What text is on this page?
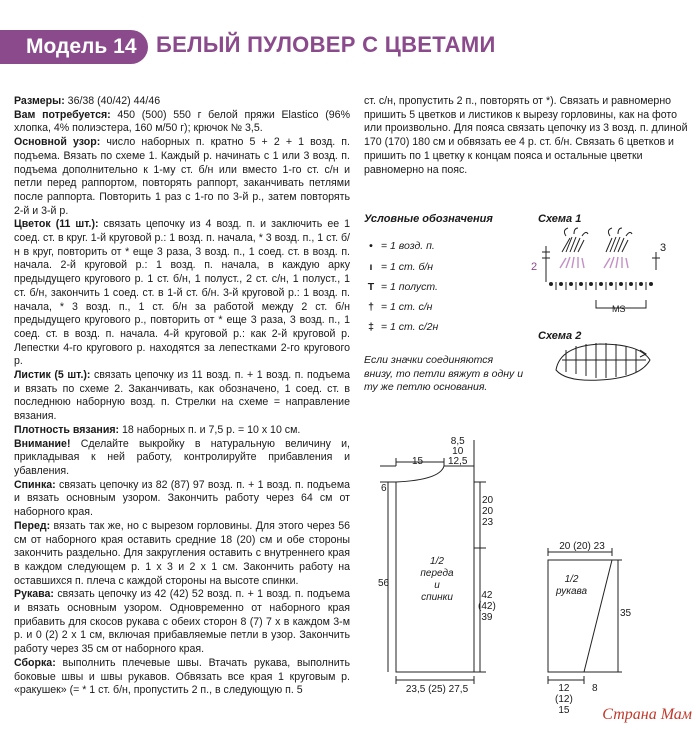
Модель 14 БЕЛЫЙ ПУЛОВЕР С ЦВЕТАМИ

Размеры: 36/38 (40/42) 44/46

Вам потребуется: 450 (500) 550 г белой пряжи Elastico (96% хлопка, 4% полиэстера, 160 м/50 г); крючок № 3,5.

Основной узор: число наборных п. кратно 5 + 2 + 1 возд. п. подъема. Вязать по схеме 1. Каждый р. начинать с 1 или 3 возд. п. подъема дополнительно к 1-му ст. б/н или вместо 1-го ст. с/н и петли перед раппортом, повторять раппорт, заканчивать петлями после раппорта. Повторить 1 раз с 1-го по 3-й р., затем повторять 2-й и 3-й р.

Цветок (11 шт.): связать цепочку из 4 возд. п. и заключить ее 1 соед. ст. в круг. 1-й круговой р.: 1 возд. п. начала, * 3 возд. п., 1 ст. б/н в круг, повторить от * еще 3 раза, 3 возд. п., 1 соед. ст. в возд. п. начала. 2-й круговой р.: 1 возд. п. начала, в каждую арку предыдущего кругового р. 1 ст. б/н, 1 полуст., 2 ст. с/н, 1 полуст., 1 ст. б/н, закончить 1 соед. ст. в 1-й ст. б/н. 3-й круговой р.: 1 возд. п. начала, * 3 возд. п., 1 ст. б/н за работой между 2 ст. б/н предыдущего кругового р., повторить от * еще 3 раза, 3 возд. п., 1 соед. ст. в возд. п. начала. 4-й круговой р.: как 2-й круговой р. Лепестки 4-го кругового р. находятся за лепестками 2-го кругового р.

Листик (5 шт.): связать цепочку из 11 возд. п. + 1 возд. п. подъема и вязать по схеме 2. Заканчивать, как обозначено, 1 соед. ст. в последнюю наборную возд. п. Стрелки на схеме = направление вязания.

Плотность вязания: 18 наборных п. и 7,5 р. = 10 х 10 см.

Внимание! Сделайте выкройку в натуральную величину и, прикладывая к ней работу, контролируйте прибавления и убавления.

Спинка: связать цепочку из 82 (87) 97 возд. п. + 1 возд. п. подъема и вязать основным узором. Закончить работу через 64 см от наборного края.

Перед: вязать так же, но с вырезом горловины. Для этого через 56 см от наборного края оставить средние 18 (20) см и обе стороны закончить раздельно. Для закругления оставить с внутреннего края в каждом следующем р. 1 х 3 и 2 х 1 см. Закончить работу на оставшихся п. плеча с каждой стороны на высоте спинки.

Рукава: связать цепочку из 42 (42) 52 возд. п. + 1 возд. п. подъема и вязать основным узором. Одновременно от наборного края прибавить для скосов рукава с обеих сторон 8 (7) 7 х в каждом 3-м р. и 0 (2) 2 х 1 см, включая прибавляемые петли в узор. Закончить работу через 35 см от наборного края.

Сборка: выполнить плечевые швы. Втачать рукава, выполнить боковые швы и швы рукавов. Обвязать все края 1 круговым р. «ракушек» (= * 1 ст. б/н, пропустить 2 п., в следующую п. 5

ст. с/н, пропустить 2 п., повторять от *). Связать и равномерно пришить 5 цветков и листиков к вырезу горловины, как на фото или произвольно. Для пояса связать цепочку из 3 возд. п. длиной 170 (170) 180 см и обвязать ее 4 р. ст. б/н. Связать 6 цветков и пришить по 1 цветку к концам пояса и остальные цветки равномерно на пояс.

Условные обозначения
• = 1 возд. п.
ı = 1 ст. б/н
T = 1 полуст.
† = 1 ст. с/н
‡ = 1 ст. с/2н
Если значки соединяются внизу, то петли вяжут в одну и ту же петлю основания.
Схема 1
Схема 2
2
3
MS
15
8,5
10
12,5
6
20
20
23
56
42
(42)
39
1/2
переда
и
спинки
23,5 (25) 27,5
20 (20) 23
1/2
рукава
35
12
(12)
15
8
Страна Мам
